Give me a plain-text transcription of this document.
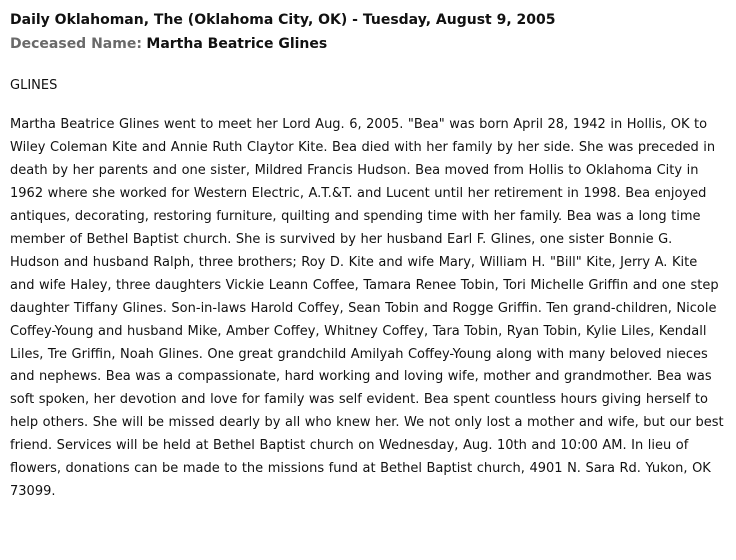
Daily Oklahoman, The (Oklahoma City, OK) - Tuesday, August 9, 2005
Deceased Name: Martha Beatrice Glines
GLINES
Martha Beatrice Glines went to meet her Lord Aug. 6, 2005. "Bea" was born April 28, 1942 in Hollis, OK to Wiley Coleman Kite and Annie Ruth Claytor Kite. Bea died with her family by her side. She was preceded in death by her parents and one sister, Mildred Francis Hudson. Bea moved from Hollis to Oklahoma City in 1962 where she worked for Western Electric, A.T.&T. and Lucent until her retirement in 1998. Bea enjoyed antiques, decorating, restoring furniture, quilting and spending time with her family. Bea was a long time member of Bethel Baptist church. She is survived by her husband Earl F. Glines, one sister Bonnie G. Hudson and husband Ralph, three brothers; Roy D. Kite and wife Mary, William H. "Bill" Kite, Jerry A. Kite and wife Haley, three daughters Vickie Leann Coffee, Tamara Renee Tobin, Tori Michelle Griffin and one step daughter Tiffany Glines. Son-in-laws Harold Coffey, Sean Tobin and Rogge Griffin. Ten grand-children, Nicole Coffey-Young and husband Mike, Amber Coffey, Whitney Coffey, Tara Tobin, Ryan Tobin, Kylie Liles, Kendall Liles, Tre Griffin, Noah Glines. One great grandchild Amilyah Coffey-Young along with many beloved nieces and nephews. Bea was a compassionate, hard working and loving wife, mother and grandmother. Bea was soft spoken, her devotion and love for family was self evident. Bea spent countless hours giving herself to help others. She will be missed dearly by all who knew her. We not only lost a mother and wife, but our best friend. Services will be held at Bethel Baptist church on Wednesday, Aug. 10th and 10:00 AM. In lieu of flowers, donations can be made to the missions fund at Bethel Baptist church, 4901 N. Sara Rd. Yukon, OK 73099.
